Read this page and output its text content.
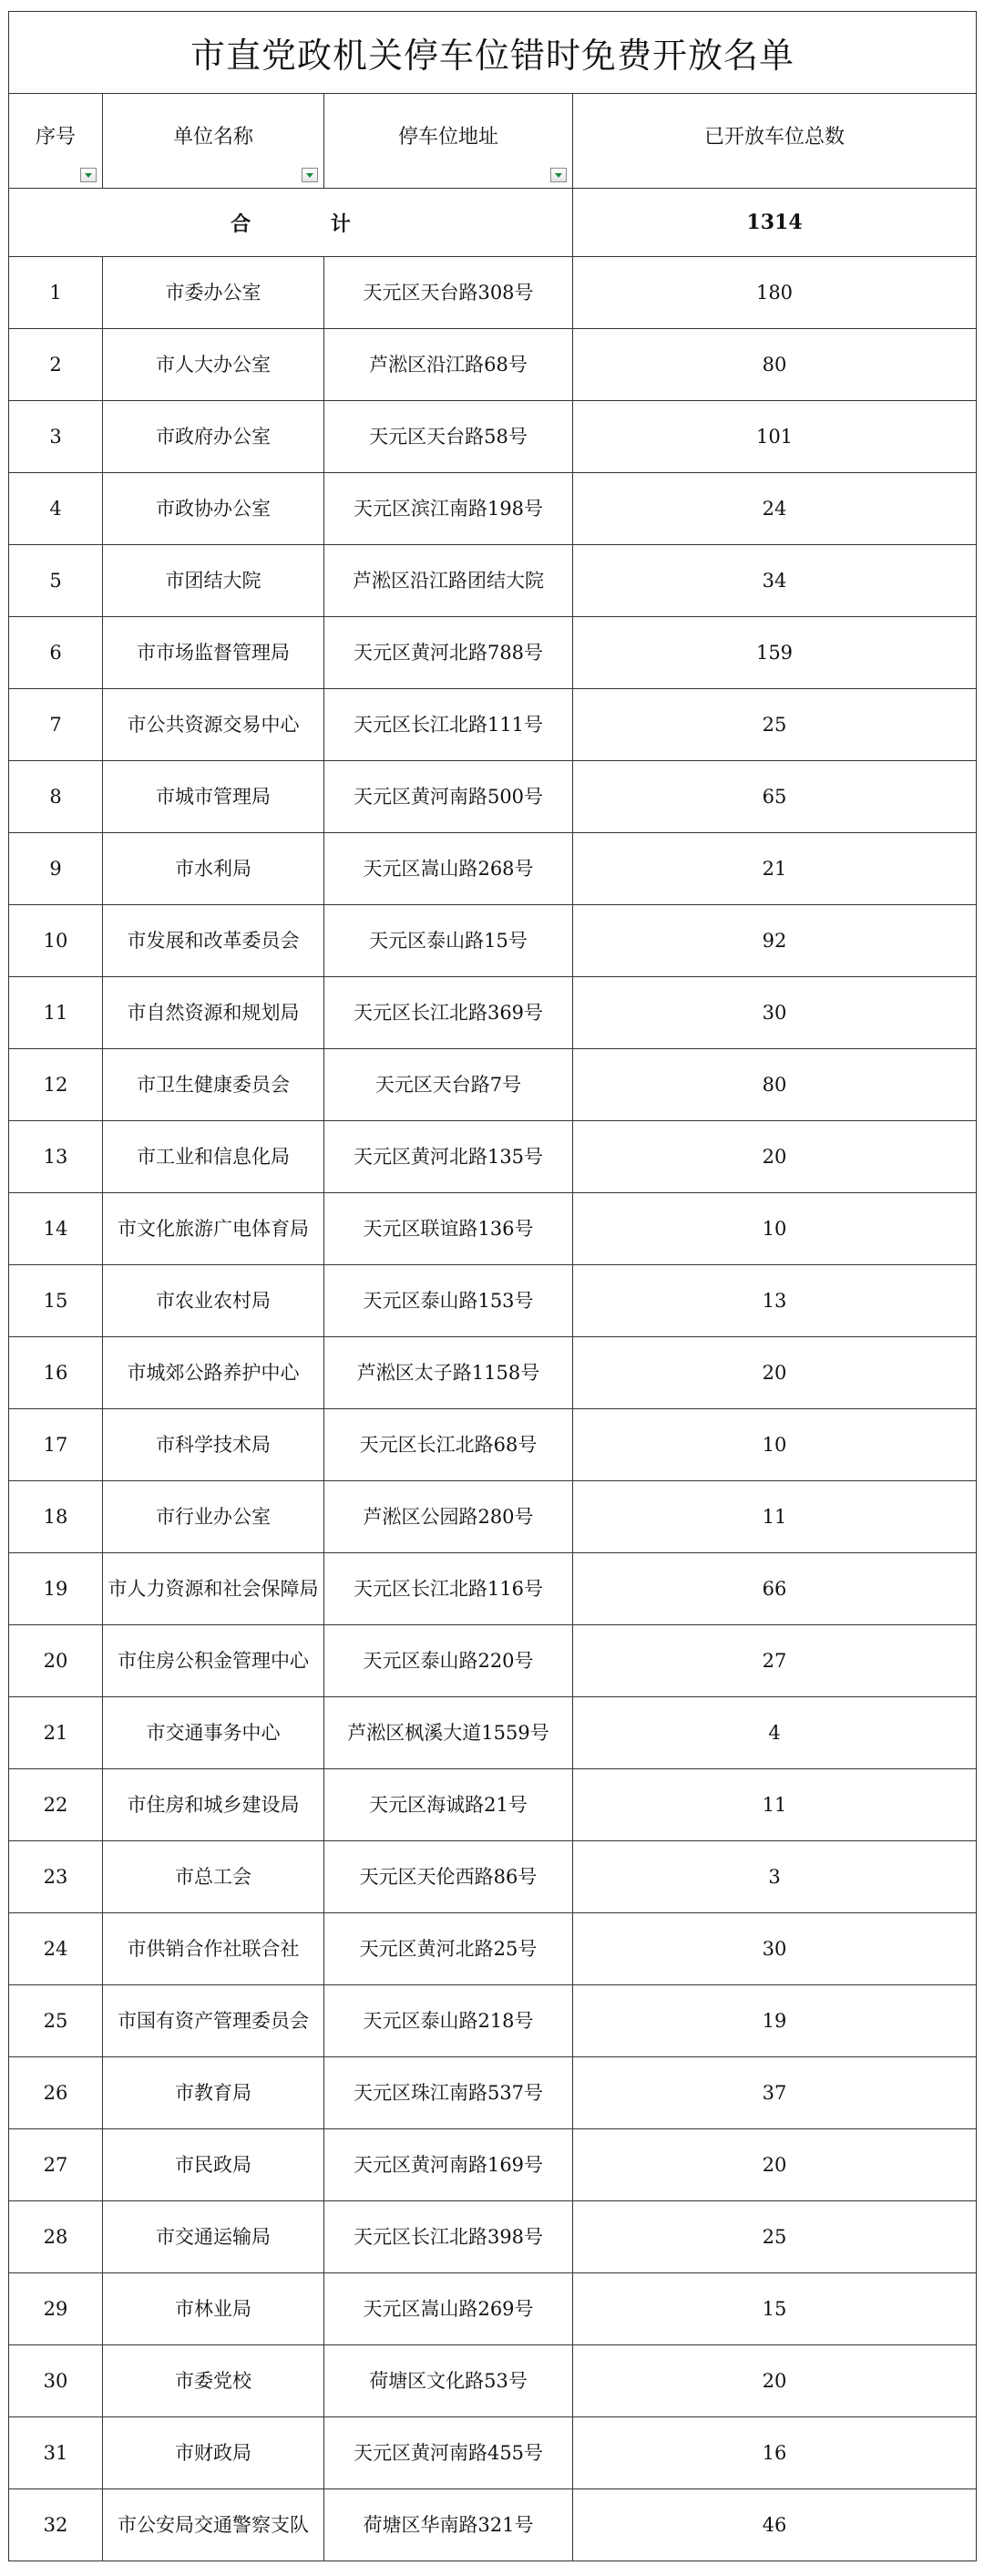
市直党政机关停车位错时免费开放名单			
序号	单位名称	停车位地址	已开放车位总数
合 计			1314
1	市委办公室	天元区天台路308号	180
2	市人大办公室	芦淞区沿江路68号	80
3	市政府办公室	天元区天台路58号	101
4	市政协办公室	天元区滨江南路198号	24
5	市团结大院	芦淞区沿江路团结大院	34
6	市市场监督管理局	天元区黄河北路788号	159
7	市公共资源交易中心	天元区长江北路111号	25
8	市城市管理局	天元区黄河南路500号	65
9	市水利局	天元区嵩山路268号	21
10	市发展和改革委员会	天元区泰山路15号	92
11	市自然资源和规划局	天元区长江北路369号	30
12	市卫生健康委员会	天元区天台路7号	80
13	市工业和信息化局	天元区黄河北路135号	20
14	市文化旅游广电体育局	天元区联谊路136号	10
15	市农业农村局	天元区泰山路153号	13
16	市城郊公路养护中心	芦淞区太子路1158号	20
17	市科学技术局	天元区长江北路68号	10
18	市行业办公室	芦淞区公园路280号	11
19	市人力资源和社会保障局	天元区长江北路116号	66
20	市住房公积金管理中心	天元区泰山路220号	27
21	市交通事务中心	芦淞区枫溪大道1559号	4
22	市住房和城乡建设局	天元区海诚路21号	11
23	市总工会	天元区天伦西路86号	3
24	市供销合作社联合社	天元区黄河北路25号	30
25	市国有资产管理委员会	天元区泰山路218号	19
26	市教育局	天元区珠江南路537号	37
27	市民政局	天元区黄河南路169号	20
28	市交通运输局	天元区长江北路398号	25
29	市林业局	天元区嵩山路269号	15
30	市委党校	荷塘区文化路53号	20
31	市财政局	天元区黄河南路455号	16
32	市公安局交通警察支队	荷塘区华南路321号	46
